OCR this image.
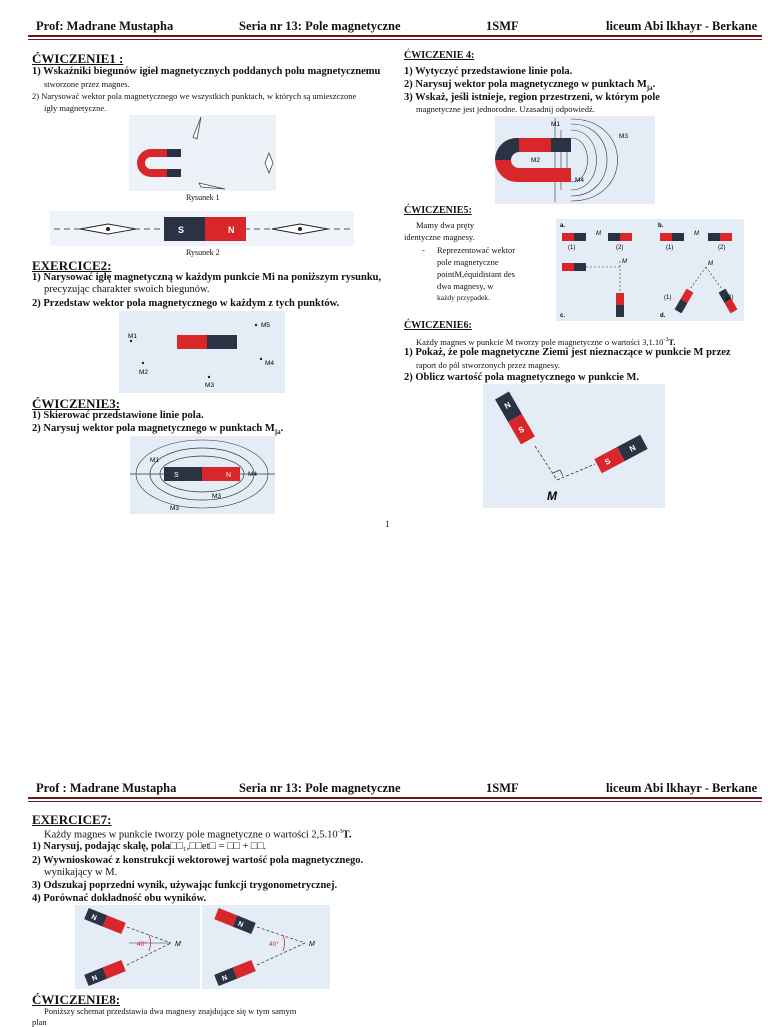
Prof: Madrane Mustapha	Seria nr 13: Pole magnetyczne	1SMF	liceum Abi lkhayr - Berkane
ĆWICZENIE1 :
1) Wskaźniki biegunów igieł magnetycznych poddanych polu magnetycznemu
stworzone przez magnes.
2) Narysować wektor pola magnetycznego we wszystkich punktach, w których są umieszczone
igły magnetyczne.
Rysunek 1
S	N
Rysunek 2
EXERCICE2:
1) Narysować igłę magnetyczną w każdym punkcie Mi na poniższym rysunku,
precyzując charakter swoich biegunów.
2) Przedstaw wektor pola magnetycznego w każdym z tych punktów.
M1
M2
M3
M4
M5
ĆWICZENIE3:
1) Skierować przedstawione linie pola.
2) Narysuj wektor pola magnetycznego w punktach $M_{ja}$.
S	N
M1
M4
M3
M3
ĆWICZENIE 4:
1) Wytyczyć przedstawione linie pola.
2) Narysuj wektor pola magnetycznego w punktach $M_{ja}$.
3) Wskaż, jeśli istnieje, region przestrzeni, w którym pole
magnetyczne jest jednorodne. Uzasadnij odpowiedź.
M1
M2
M3
M4
ĆWICZENIE5:
Mamy dwa pręty
identyczne magnesy.
- Reprezentować wektor
pole magnetyczne
pointM,équidistant des
dwa magnesy, w
każdy przypadek.
a.
(1)	(2)
M
b.
(1)	(2)
M
M
c.
M
(1)	(2)
d.
ĆWICZENIE6:
Każdy magnes w punkcie M tworzy pole magnetyczne o wartości $3,1.10^{-3}T$.
1) Pokaż, że pole magnetyczne Ziemi jest nieznaczące w punkcie M przez
raport do pól stworzonych przez magnesy.
2) Oblicz wartość pola magnetycznego w punkcie M.
N
S
S
N
M
1
Prof : Madrane Mustapha	Seria nr 13: Pole magnetyczne	1SMF	liceum Abi lkhayr - Berkane
EXERCICE7:
Każdy magnes w punkcie tworzy pole magnetyczne o wartości $2,5.10^{-3}T$.
1) Narysuj, podając skalę, pola□□₁,□□et□ = □□ + □□.
2) Wywnioskować z konstrukcji wektorowej wartość pola magnetycznego.
wynikający w M.
3) Odszukaj poprzedni wynik, używając funkcji trygonometrycznej.
4) Porównać dokładność obu wyników.
N
N
40°	M
N
N
40°	M
ĆWICZENIE8:
Poniższy schemat przedstawia dwa magnesy znajdujące się w tym samym
plan
